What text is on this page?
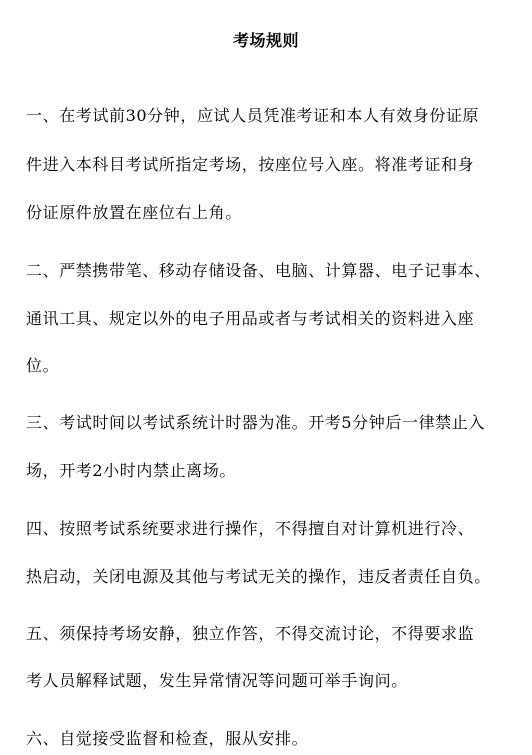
考场规则
一、在考试前30分钟，应试人员凭准考证和本人有效身份证原
件进入本科目考试所指定考场，按座位号入座。将准考证和身
份证原件放置在座位右上角。
二、严禁携带笔、移动存储设备、电脑、计算器、电子记事本、
通讯工具、规定以外的电子用品或者与考试相关的资料进入座
位。
三、考试时间以考试系统计时器为准。开考5分钟后一律禁止入
场，开考2小时内禁止离场。
四、按照考试系统要求进行操作，不得擅自对计算机进行冷、
热启动，关闭电源及其他与考试无关的操作，违反者责任自负。
五、须保持考场安静，独立作答，不得交流讨论，不得要求监
考人员解释试题，发生异常情况等问题可举手询问。
六、自觉接受监督和检查，服从安排。
